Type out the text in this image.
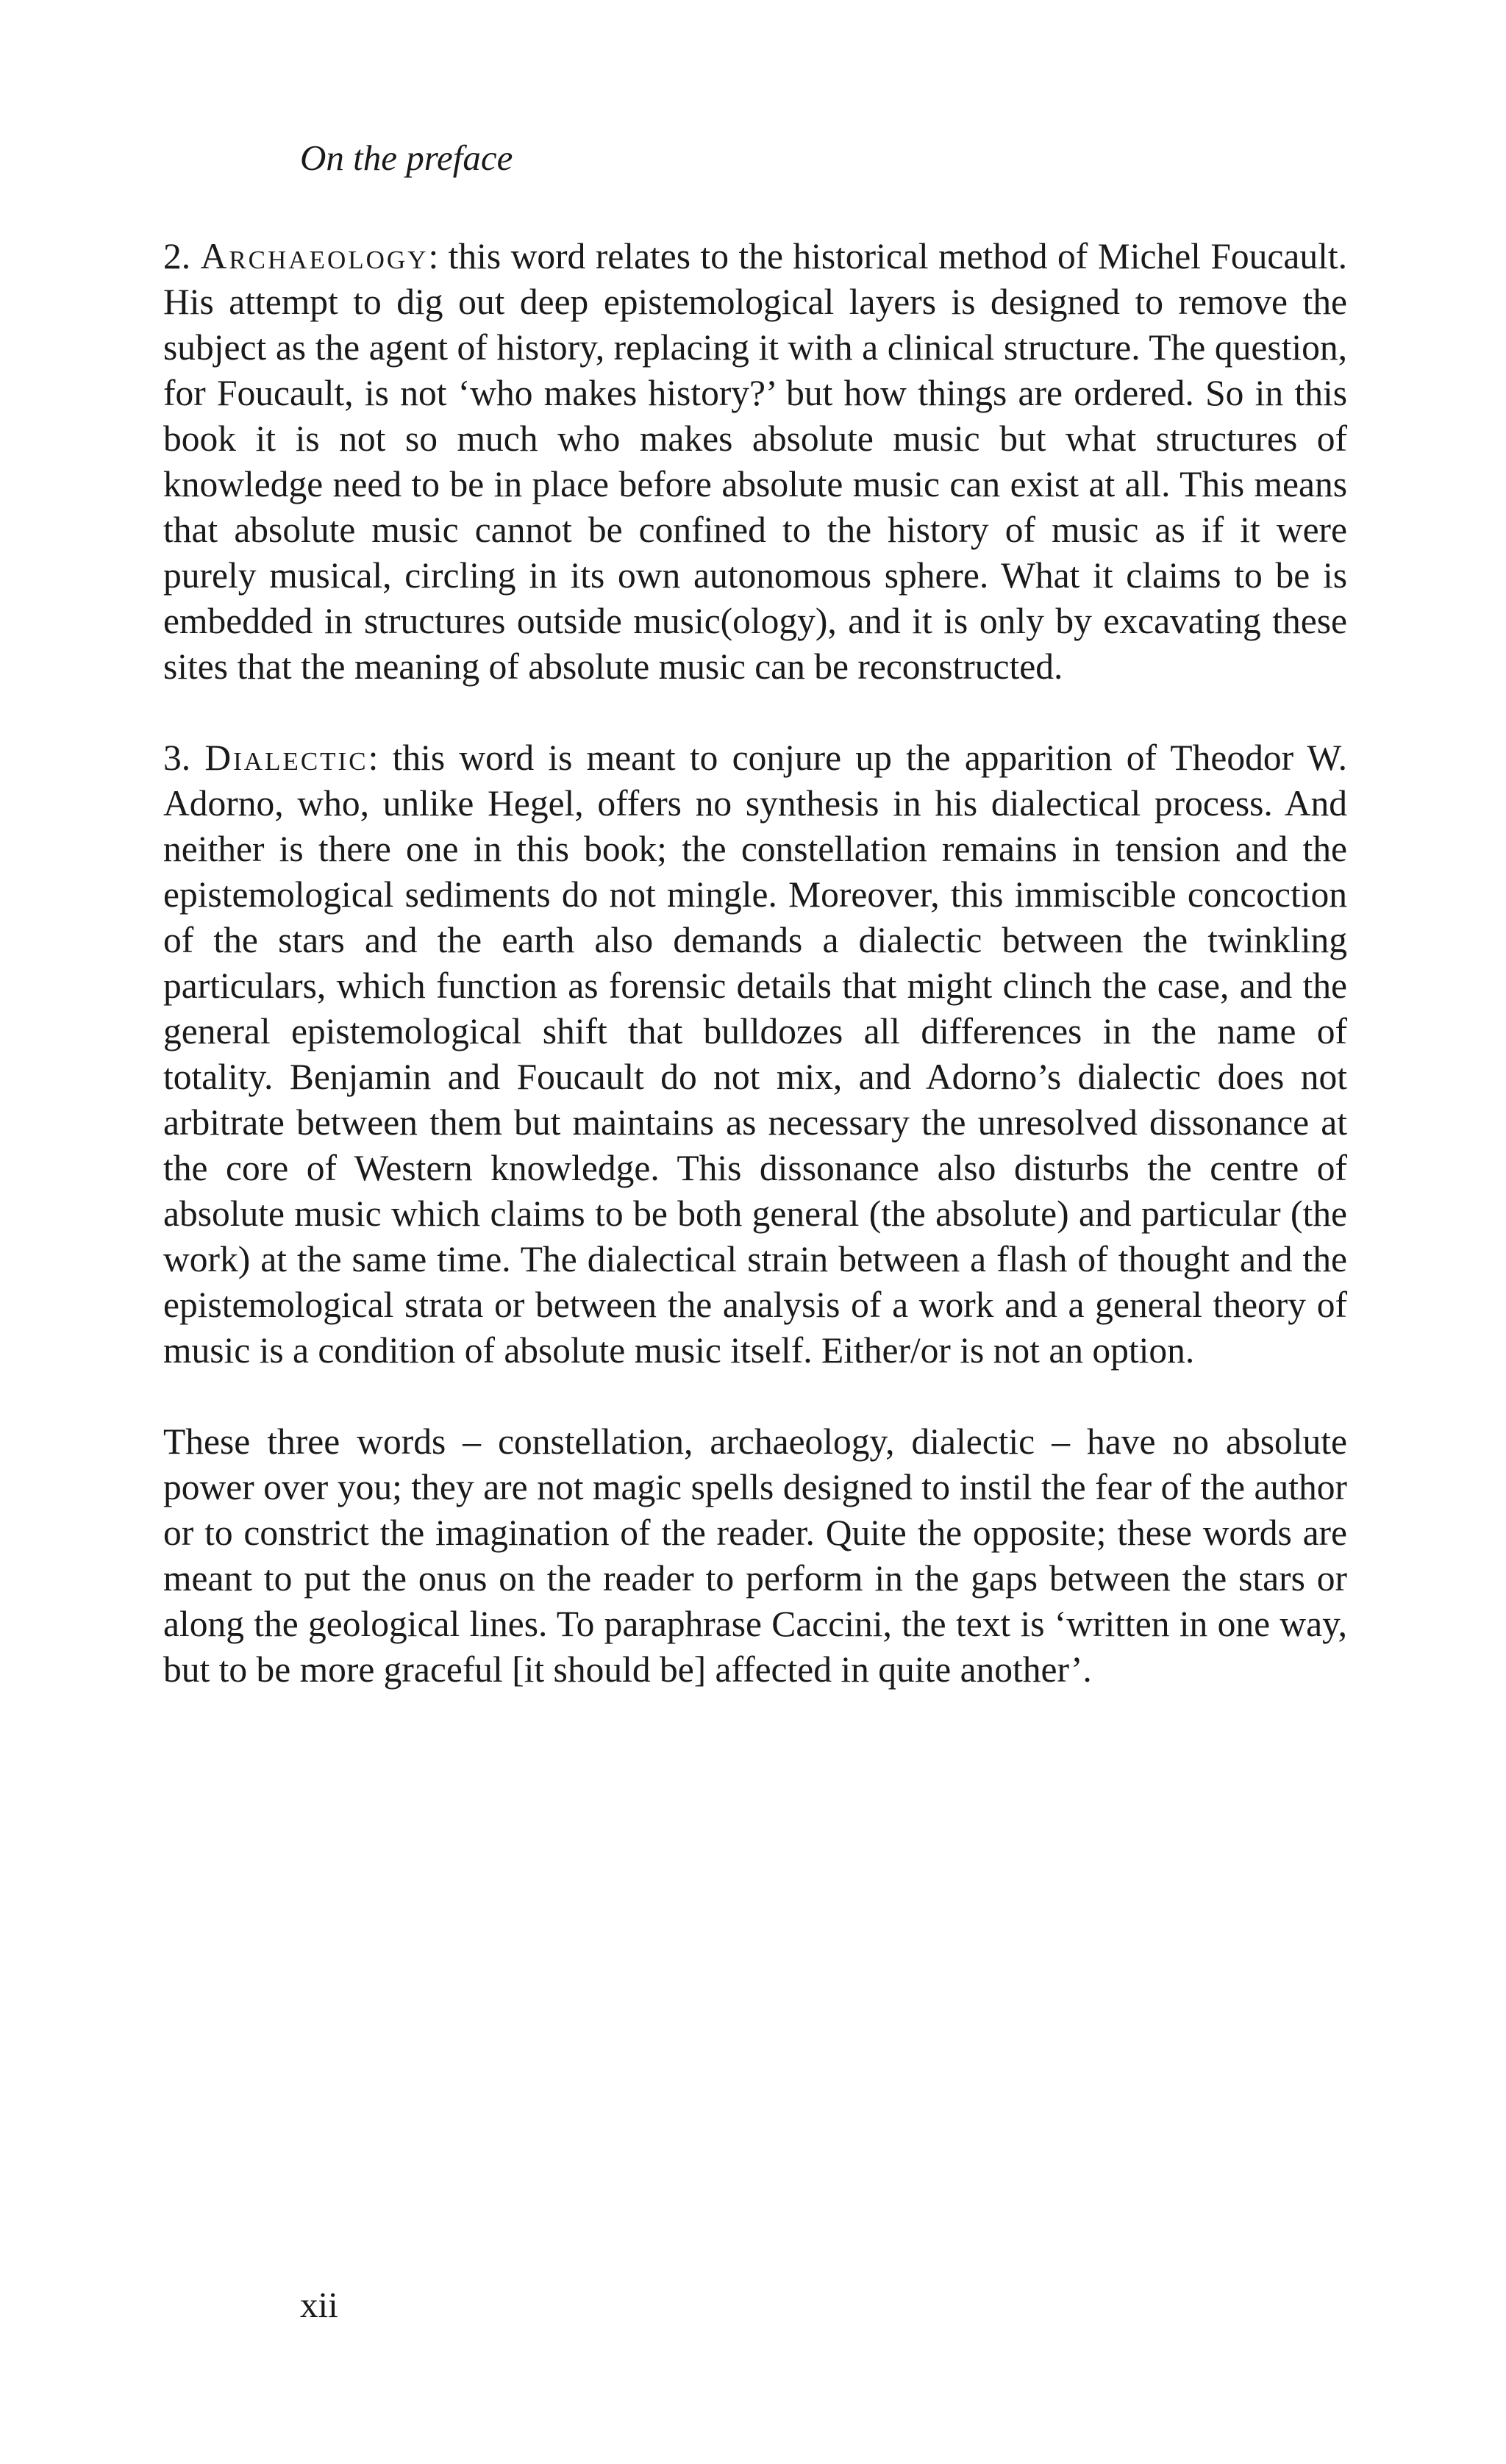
On the preface

2. Archaeology: this word relates to the historical method of Michel Foucault. His attempt to dig out deep epistemological layers is designed to remove the subject as the agent of history, replacing it with a clinical structure. The question, for Foucault, is not ‘who makes history?’ but how things are ordered. So in this book it is not so much who makes absolute music but what structures of knowledge need to be in place before absolute music can exist at all. This means that absolute music cannot be confined to the history of music as if it were purely musical, circling in its own autonomous sphere. What it claims to be is embedded in structures outside music(ology), and it is only by excavating these sites that the meaning of absolute music can be reconstructed.

3. Dialectic: this word is meant to conjure up the apparition of Theodor W. Adorno, who, unlike Hegel, offers no synthesis in his dialectical process. And neither is there one in this book; the constellation remains in tension and the epistemological sediments do not mingle. Moreover, this immiscible concoction of the stars and the earth also demands a dialectic between the twinkling particulars, which function as forensic details that might clinch the case, and the general epistemological shift that bulldozes all differences in the name of totality. Benjamin and Foucault do not mix, and Adorno’s dialectic does not arbitrate between them but maintains as necessary the unresolved dissonance at the core of Western knowledge. This dissonance also disturbs the centre of absolute music which claims to be both general (the absolute) and particular (the work) at the same time. The dialectical strain between a flash of thought and the epistemological strata or between the analysis of a work and a general theory of music is a condition of absolute music itself. Either/or is not an option.

These three words – constellation, archaeology, dialectic – have no absolute power over you; they are not magic spells designed to instil the fear of the author or to constrict the imagination of the reader. Quite the opposite; these words are meant to put the onus on the reader to perform in the gaps between the stars or along the geological lines. To paraphrase Caccini, the text is ‘written in one way, but to be more graceful [it should be] affected in quite another’.

xii
